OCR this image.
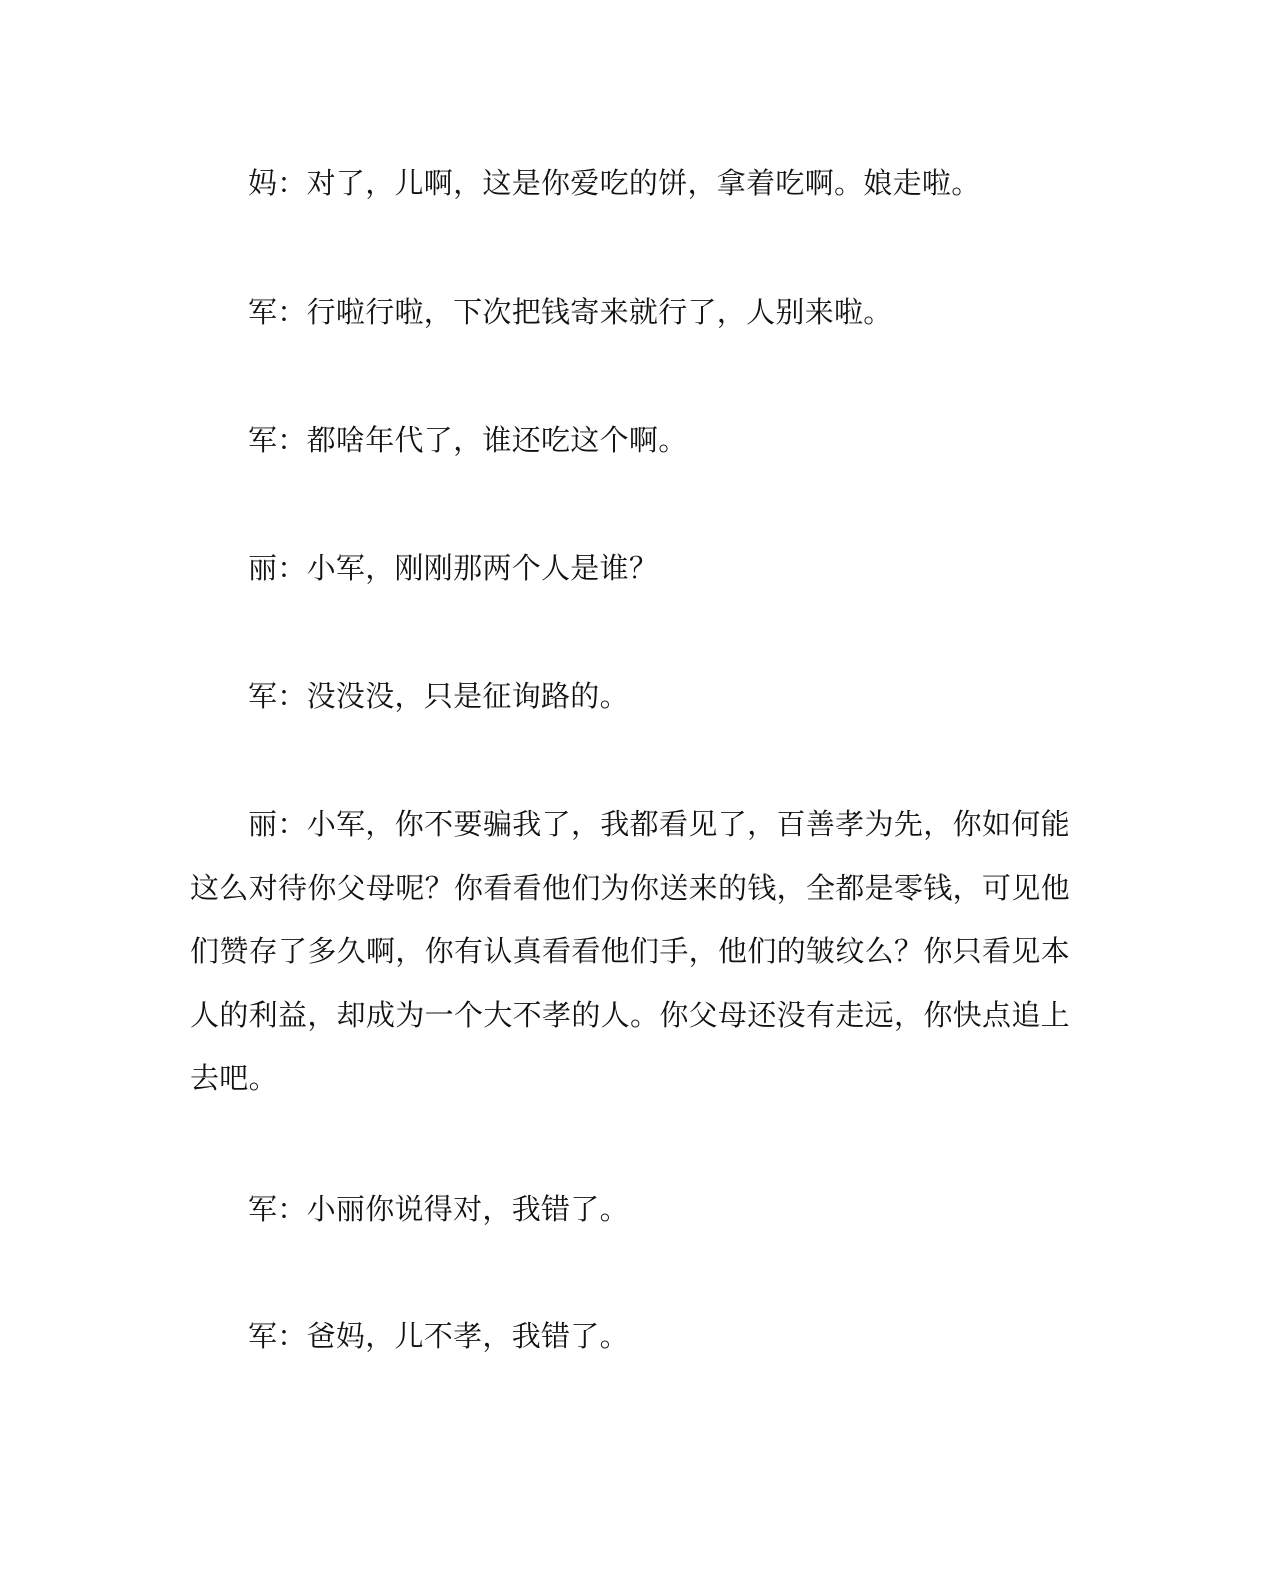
妈：对了，儿啊，这是你爱吃的饼，拿着吃啊。娘走啦。

军：行啦行啦，下次把钱寄来就行了，人别来啦。

军：都啥年代了，谁还吃这个啊。

丽：小军，刚刚那两个人是谁？

军：没没没，只是征询路的。

丽：小军，你不要骗我了，我都看见了，百善孝为先，你如何能这么对待你父母呢？你看看他们为你送来的钱，全都是零钱，可见他们赞存了多久啊，你有认真看看他们手，他们的皱纹么？你只看见本人的利益，却成为一个大不孝的人。你父母还没有走远，你快点追上去吧。

军：小丽你说得对，我错了。

军：爸妈，儿不孝，我错了。
